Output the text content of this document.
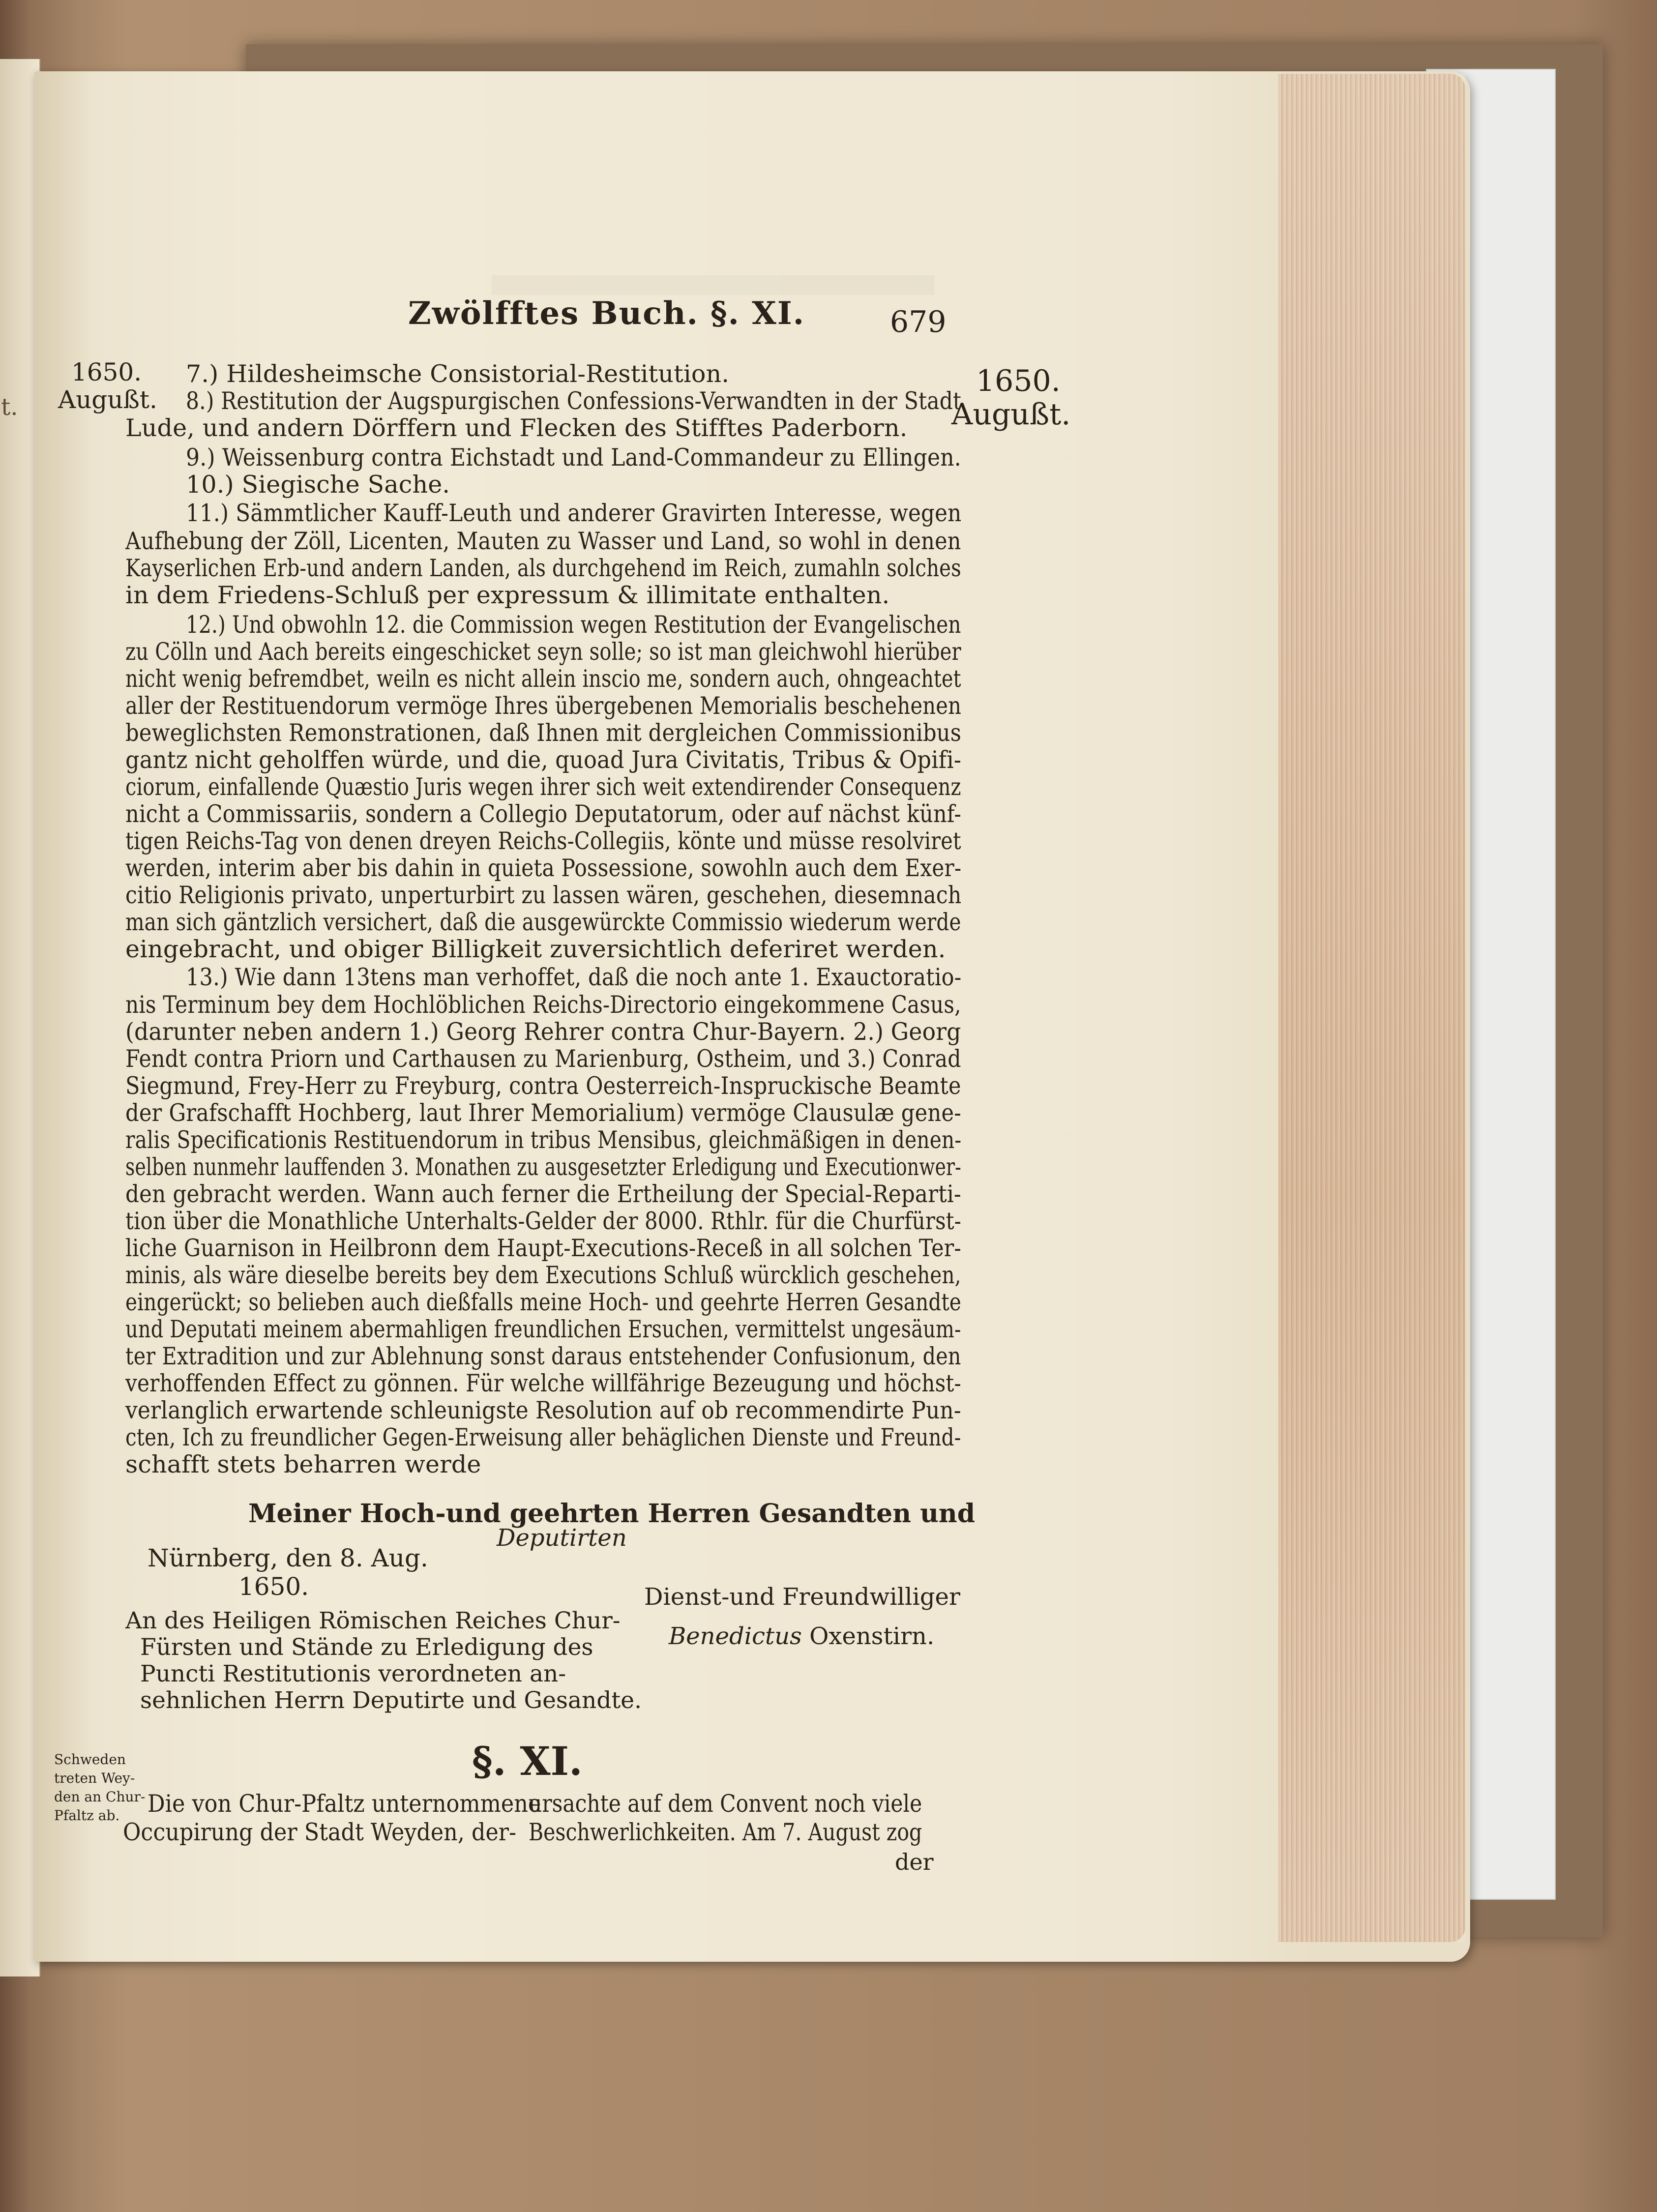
t.
Zwölfftes Buch. §. XI.	679
1650.
Augußt.
1650.
Augußt.
7.) Hildesheimsche Consistorial-Restitution.
8.) Restitution der Augspurgischen Confessions-Verwandten in der Stadt
Lude, und andern Dörffern und Flecken des Stifftes Paderborn.
9.) Weissenburg contra Eichstadt und Land-Commandeur zu Ellingen.
10.) Siegische Sache.
11.) Sämmtlicher Kauff-Leuth und anderer Gravirten Interesse, wegen
Aufhebung der Zöll, Licenten, Mauten zu Wasser und Land, so wohl in denen
Kayserlichen Erb-und andern Landen, als durchgehend im Reich, zumahln solches
in dem Friedens-Schluß per expressum & illimitate enthalten.
12.) Und obwohln 12. die Commission wegen Restitution der Evangelischen
zu Cölln und Aach bereits eingeschicket seyn solle; so ist man gleichwohl hierüber
nicht wenig befremdbet, weiln es nicht allein inscio me, sondern auch, ohngeachtet
aller der Restituendorum vermöge Ihres übergebenen Memorialis beschehenen
beweglichsten Remonstrationen, daß Ihnen mit dergleichen Commissionibus
gantz nicht geholffen würde, und die, quoad Jura Civitatis, Tribus & Opifi-
ciorum, einfallende Quæstio Juris wegen ihrer sich weit extendirender Consequenz
nicht a Commissariis, sondern a Collegio Deputatorum, oder auf nächst künf-
tigen Reichs-Tag von denen dreyen Reichs-Collegiis, könte und müsse resolviret
werden, interim aber bis dahin in quieta Possessione, sowohln auch dem Exer-
citio Religionis privato, unperturbirt zu lassen wären, geschehen, diesemnach
man sich gäntzlich versichert, daß die ausgewürckte Commissio wiederum werde
eingebracht, und obiger Billigkeit zuversichtlich deferiret werden.
13.) Wie dann 13tens man verhoffet, daß die noch ante 1. Exauctoratio-
nis Terminum bey dem Hochlöblichen Reichs-Directorio eingekommene Casus,
(darunter neben andern 1.) Georg Rehrer contra Chur-Bayern. 2.) Georg
Fendt contra Priorn und Carthausen zu Marienburg, Ostheim, und 3.) Conrad
Siegmund, Frey-Herr zu Freyburg, contra Oesterreich-Inspruckische Beamte
der Grafschafft Hochberg, laut Ihrer Memorialium) vermöge Clausulæ gene-
ralis Specificationis Restituendorum in tribus Mensibus, gleichmäßigen in denen-
selben nunmehr lauffenden 3. Monathen zu ausgesetzter Erledigung und Executionwer-
den gebracht werden. Wann auch ferner die Ertheilung der Special-Reparti-
tion über die Monathliche Unterhalts-Gelder der 8000. Rthlr. für die Churfürst-
liche Guarnison in Heilbronn dem Haupt-Executions-Receß in all solchen Ter-
minis, als wäre dieselbe bereits bey dem Executions Schluß würcklich geschehen,
eingerückt; so belieben auch dießfalls meine Hoch- und geehrte Herren Gesandte
und Deputati meinem abermahligen freundlichen Ersuchen, vermittelst ungesäum-
ter Extradition und zur Ablehnung sonst daraus entstehender Confusionum, den
verhoffenden Effect zu gönnen. Für welche willfährige Bezeugung und höchst-
verlanglich erwartende schleunigste Resolution auf ob recommendirte Pun-
cten, Ich zu freundlicher Gegen-Erweisung aller behäglichen Dienste und Freund-
schafft stets beharren werde
Meiner Hoch-und geehrten Herren Gesandten und
Deputirten
Nürnberg, den 8. Aug.
1650.	Dienst-und Freundwilliger
Benedictus Oxenstirn.
An des Heiligen Römischen Reiches Chur-
Fürsten und Stände zu Erledigung des
Puncti Restitutionis verordneten an-
sehnlichen Herrn Deputirte und Gesandte.
§. XI.
Schweden
treten Wey-
den an Chur-
Pfaltz ab. Die von Chur-Pfaltz unternommene
Occupirung der Stadt Weyden, der-
ursachte auf dem Convent noch viele
Beschwerlichkeiten. Am 7. August zog
der
